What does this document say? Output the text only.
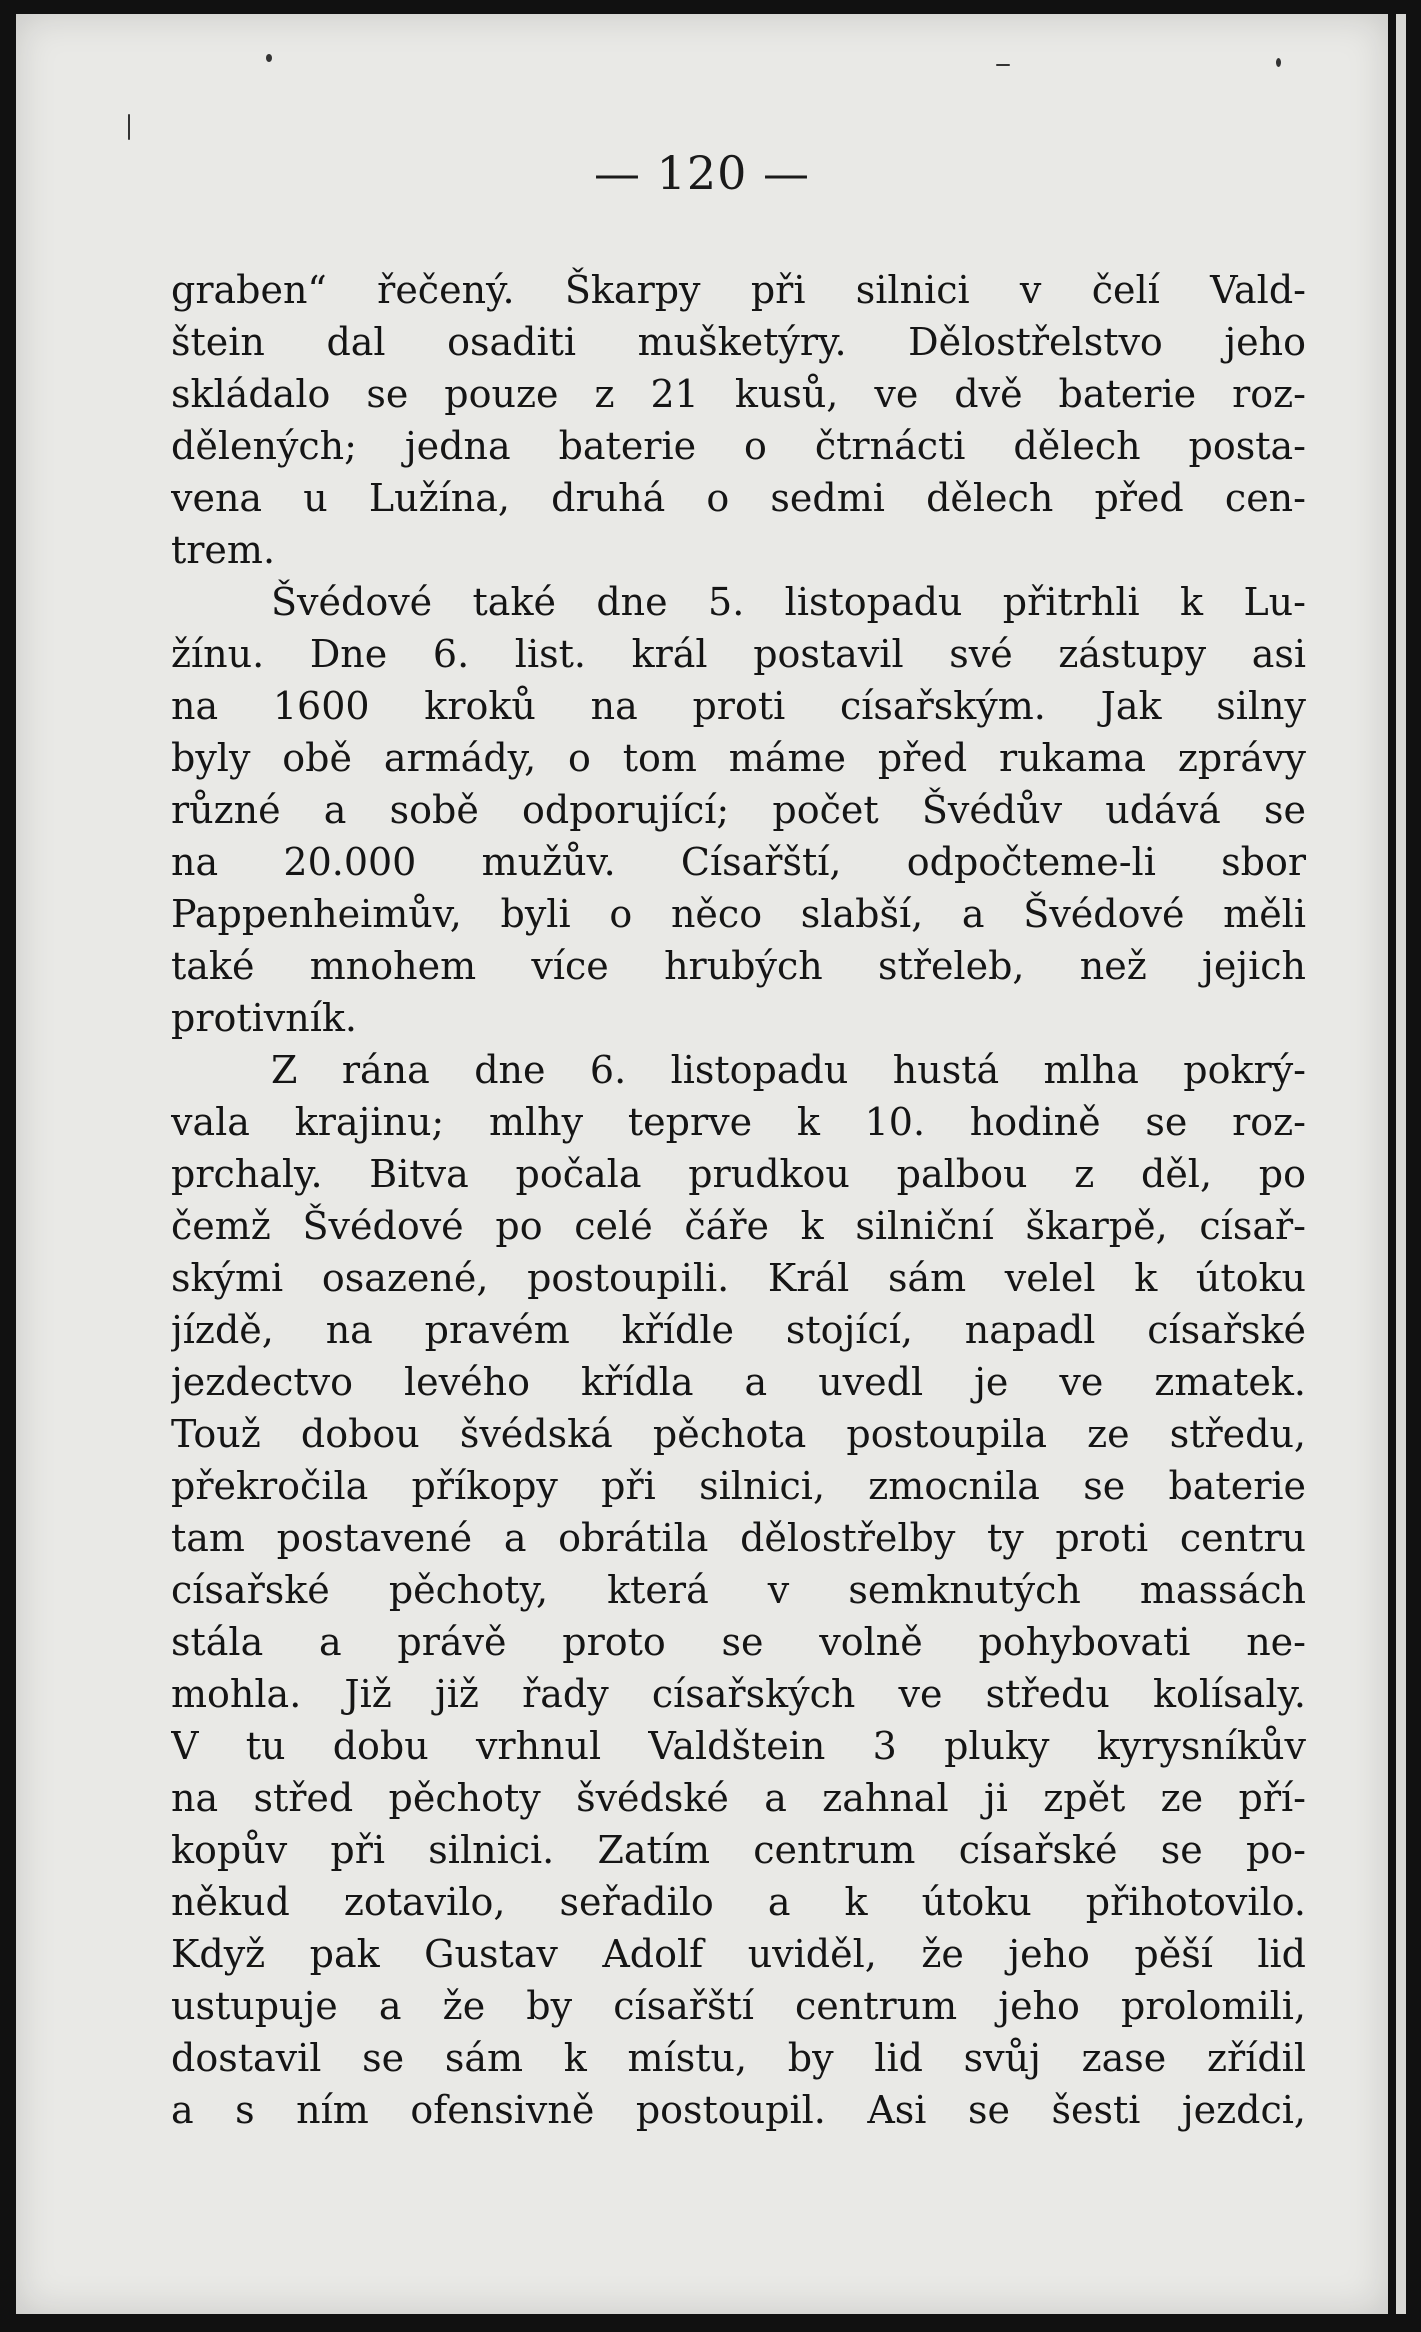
— 120 —
graben“ řečený. Škarpy při silnici v čelí Vald-
štein dal osaditi mušketýry. Dělostřelstvo jeho
skládalo se pouze z 21 kusů, ve dvě baterie roz-
dělených; jedna baterie o čtrnácti dělech posta-
vena u Lužína, druhá o sedmi dělech před cen-
trem.
Švédové také dne 5. listopadu přitrhli k Lu-
žínu. Dne 6. list. král postavil své zástupy asi
na 1600 kroků na proti císařským. Jak silny
byly obě armády, o tom máme před rukama zprávy
různé a sobě odporující; počet Švédův udává se
na 20.000 mužův. Císařští, odpočteme-li sbor
Pappenheimův, byli o něco slabší, a Švédové měli
také mnohem více hrubých střeleb, než jejich
protivník.
Z rána dne 6. listopadu hustá mlha pokrý-
vala krajinu; mlhy teprve k 10. hodině se roz-
prchaly. Bitva počala prudkou palbou z děl, po
čemž Švédové po celé čáře k silniční škarpě, císař-
skými osazené, postoupili. Král sám velel k útoku
jízdě, na pravém křídle stojící, napadl císařské
jezdectvo levého křídla a uvedl je ve zmatek.
Touž dobou švédská pěchota postoupila ze středu,
překročila příkopy při silnici, zmocnila se baterie
tam postavené a obrátila dělostřelby ty proti centru
císařské pěchoty, která v semknutých massách
stála a právě proto se volně pohybovati ne-
mohla. Již již řady císařských ve středu kolísaly.
V tu dobu vrhnul Valdštein 3 pluky kyrysníkův
na střed pěchoty švédské a zahnal ji zpět ze pří-
kopův při silnici. Zatím centrum císařské se po-
někud zotavilo, seřadilo a k útoku přihotovilo.
Když pak Gustav Adolf uviděl, že jeho pěší lid
ustupuje a že by císařští centrum jeho prolomili,
dostavil se sám k místu, by lid svůj zase zřídil
a s ním ofensivně postoupil. Asi se šesti jezdci,
